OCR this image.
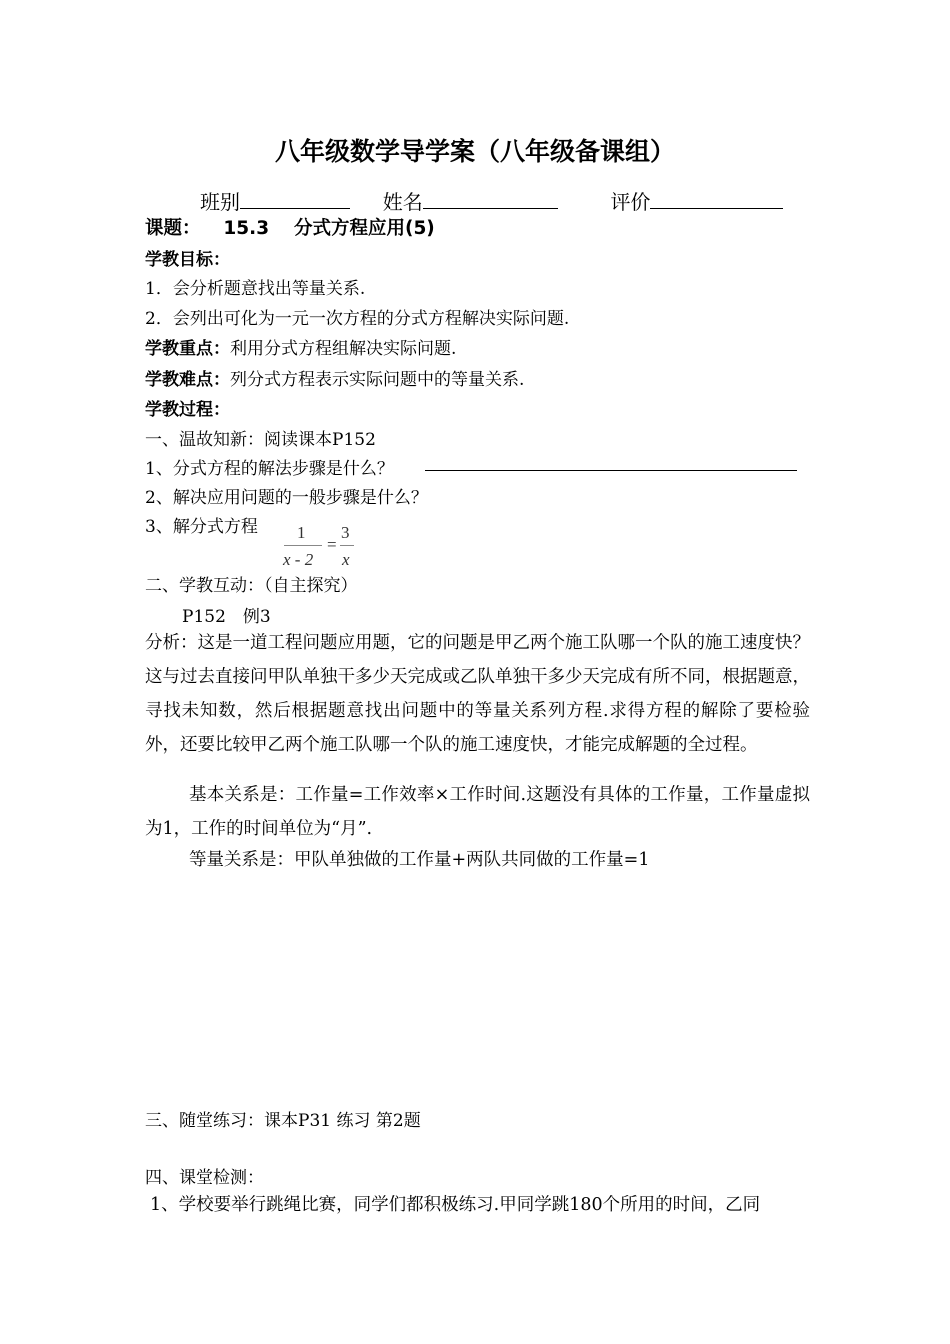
八年级数学导学案（八年级备课组）
班别	姓名	评价
课题： 15.3 分式方程应用(5)
学教目标：
1．会分析题意找出等量关系.
2．会列出可化为一元一次方程的分式方程解决实际问题.
学教重点：利用分式方程组解决实际问题.
学教难点：列分式方程表示实际问题中的等量关系.
学教过程：
一、温故知新：阅读课本P152
1、分式方程的解法步骤是什么？
2、解决应用问题的一般步骤是什么？
3、解分式方程 1
x - 2
=
3
x
二、学教互动：（自主探究）
P152　例3
分析：这是一道工程问题应用题，它的问题是甲乙两个施工队哪一个队的施工速度快？这与过去直接问甲队单独干多少天完成或乙队单独干多少天完成有所不同，根据题意，寻找未知数，然后根据题意找出问题中的等量关系列方程.求得方程的解除了要检验外，还要比较甲乙两个施工队哪一个队的施工速度快，才能完成解题的全过程。
基本关系是：工作量=工作效率×工作时间.这题没有具体的工作量，工作量虚拟为1，工作的时间单位为“月”.
等量关系是：甲队单独做的工作量+两队共同做的工作量=1
三、随堂练习：课本P31 练习 第2题
四、课堂检测：
1、学校要举行跳绳比赛，同学们都积极练习.甲同学跳180个所用的时间，乙同
